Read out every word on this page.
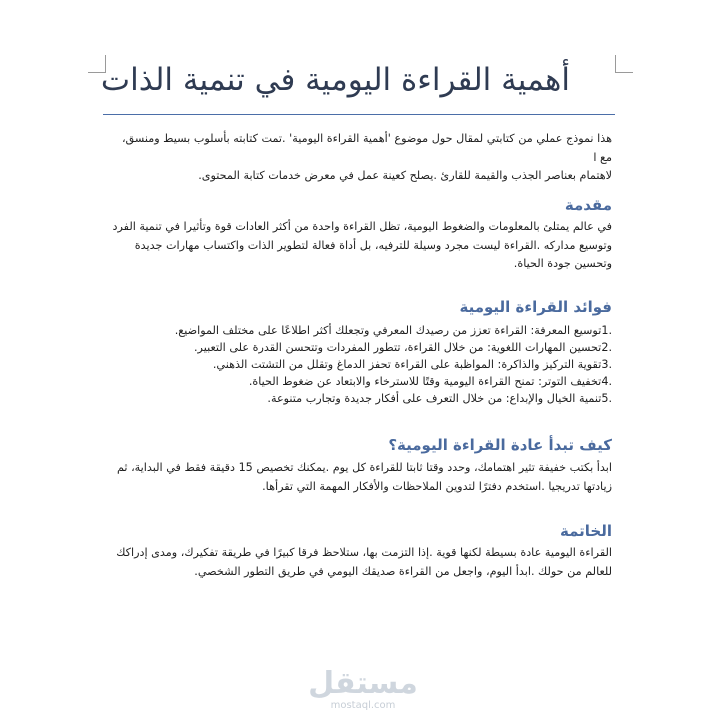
أهمية القراءة اليومية في تنمية الذات

هذا نموذج عملي من كتابتي لمقال حول موضوع 'أهمية القراءة اليومية' .تمت كتابته بأسلوب بسيط ومنسق، مع ا

لاهتمام بعناصر الجذب والقيمة للقارئ .يصلح كعينة عمل في معرض خدمات كتابة المحتوى.

مقدمة

في عالم يمتلئ بالمعلومات والضغوط اليومية، تظل القراءة واحدة من أكثر العادات قوة وتأثيرا في تنمية الفرد

وتوسيع مداركه .القراءة ليست مجرد وسيلة للترفيه، بل أداة فعالة لتطوير الذات واكتساب مهارات جديدة

وتحسين جودة الحياة.

فوائد القراءة اليومية

.1توسيع المعرفة: القراءة تعزز من رصيدك المعرفي وتجعلك أكثر اطلاعًا على مختلف المواضيع.
.2تحسين المهارات اللغوية: من خلال القراءة، تتطور المفردات وتتحسن القدرة على التعبير.
.3تقوية التركيز والذاكرة: المواظبة على القراءة تحفز الدماغ وتقلل من التشتت الذهني.
.4تخفيف التوتر: تمنح القراءة اليومية وقتًا للاسترخاء والابتعاد عن ضغوط الحياة.
.5تنمية الخيال والإبداع: من خلال التعرف على أفكار جديدة وتجارب متنوعة.

كيف تبدأ عادة القراءة اليومية؟

ابدأ بكتب خفيفة تثير اهتمامك، وحدد وقتا ثابتا للقراءة كل يوم .يمكنك تخصيص 15 دقيقة فقط في البداية، ثم

زيادتها تدريجيا .استخدم دفترًا لتدوين الملاحظات والأفكار المهمة التي تقرأها.

الخاتمة

القراءة اليومية عادة بسيطة لكنها قوية .إذا التزمت بها، ستلاحظ فرقا كبيرًا في طريقة تفكيرك، ومدى إدراكك

للعالم من حولك .ابدأ اليوم، واجعل من القراءة صديقك اليومي في طريق التطور الشخصي.

مستقل
mostaql.com
